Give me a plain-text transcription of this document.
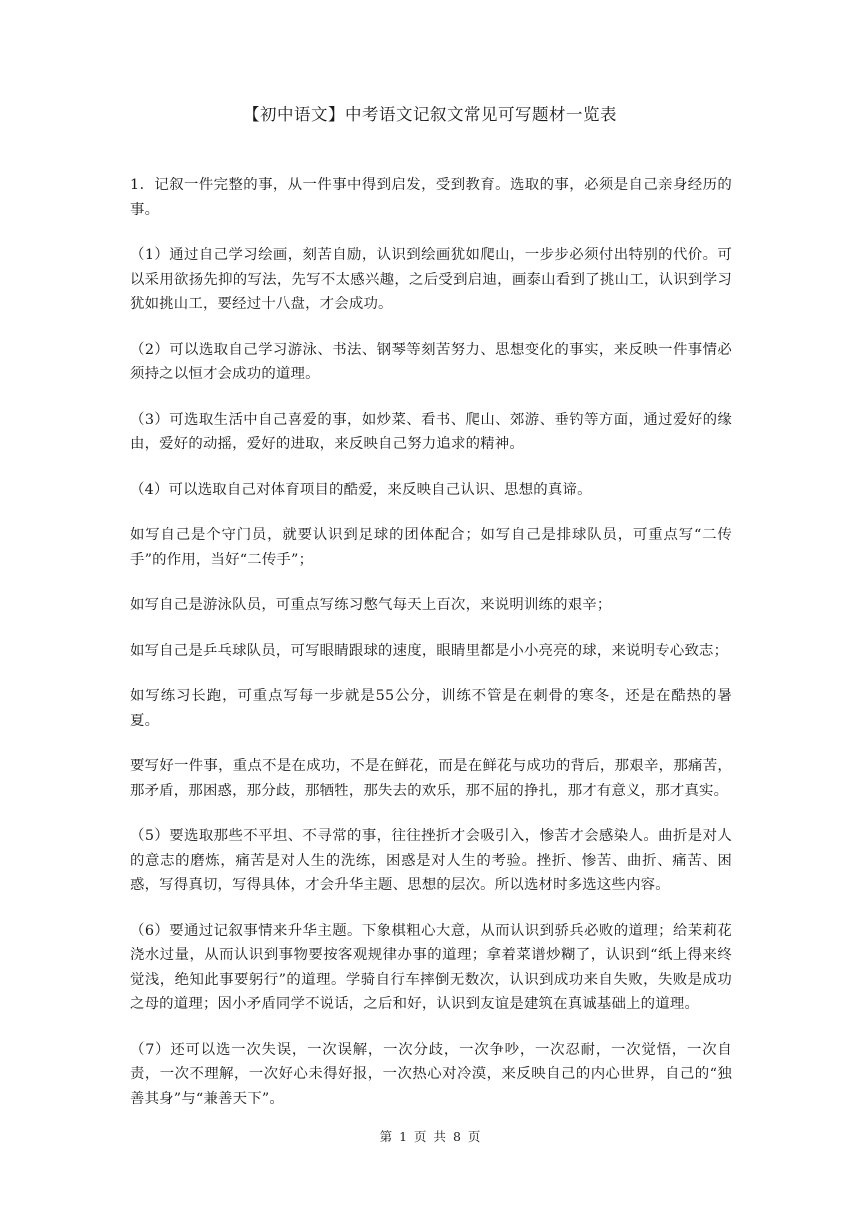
【初中语文】中考语文记叙文常见可写题材一览表

1．记叙一件完整的事，从一件事中得到启发，受到教育。选取的事，必须是自己亲身经历的事。

（1）通过自己学习绘画，刻苦自励，认识到绘画犹如爬山，一步步必须付出特别的代价。可以采用欲扬先抑的写法，先写不太感兴趣，之后受到启迪，画泰山看到了挑山工，认识到学习犹如挑山工，要经过十八盘，才会成功。

（2）可以选取自己学习游泳、书法、钢琴等刻苦努力、思想变化的事实，来反映一件事情必须持之以恒才会成功的道理。

（3）可选取生活中自己喜爱的事，如炒菜、看书、爬山、郊游、垂钓等方面，通过爱好的缘由，爱好的动摇，爱好的进取，来反映自己努力追求的精神。

（4）可以选取自己对体育项目的酷爱，来反映自己认识、思想的真谛。

如写自己是个守门员，就要认识到足球的团体配合；如写自己是排球队员，可重点写“二传手”的作用，当好“二传手”；

如写自己是游泳队员，可重点写练习憋气每天上百次，来说明训练的艰辛；

如写自己是乒乓球队员，可写眼睛跟球的速度，眼睛里都是小小亮亮的球，来说明专心致志；

如写练习长跑，可重点写每一步就是55公分，训练不管是在刺骨的寒冬，还是在酷热的暑夏。

要写好一件事，重点不是在成功，不是在鲜花，而是在鲜花与成功的背后，那艰辛，那痛苦，那矛盾，那困惑，那分歧，那牺牲，那失去的欢乐，那不屈的挣扎，那才有意义，那才真实。

（5）要选取那些不平坦、不寻常的事，往往挫折才会吸引入，惨苦才会感染人。曲折是对人的意志的磨炼，痛苦是对人生的洗练，困惑是对人生的考验。挫折、惨苦、曲折、痛苦、困惑，写得真切，写得具体，才会升华主题、思想的层次。所以选材时多选这些内容。

（6）要通过记叙事情来升华主题。下象棋粗心大意，从而认识到骄兵必败的道理；给茉莉花浇水过量，从而认识到事物要按客观规律办事的道理；拿着菜谱炒糊了，认识到“纸上得来终觉浅，绝知此事要躬行”的道理。学骑自行车摔倒无数次，认识到成功来自失败，失败是成功之母的道理；因小矛盾同学不说话，之后和好，认识到友谊是建筑在真诚基础上的道理。

（7）还可以选一次失误，一次误解，一次分歧，一次争吵，一次忍耐，一次觉悟，一次自责，一次不理解，一次好心未得好报，一次热心对冷漠，来反映自己的内心世界，自己的“独善其身”与“兼善天下”。

第 1 页 共 8 页
